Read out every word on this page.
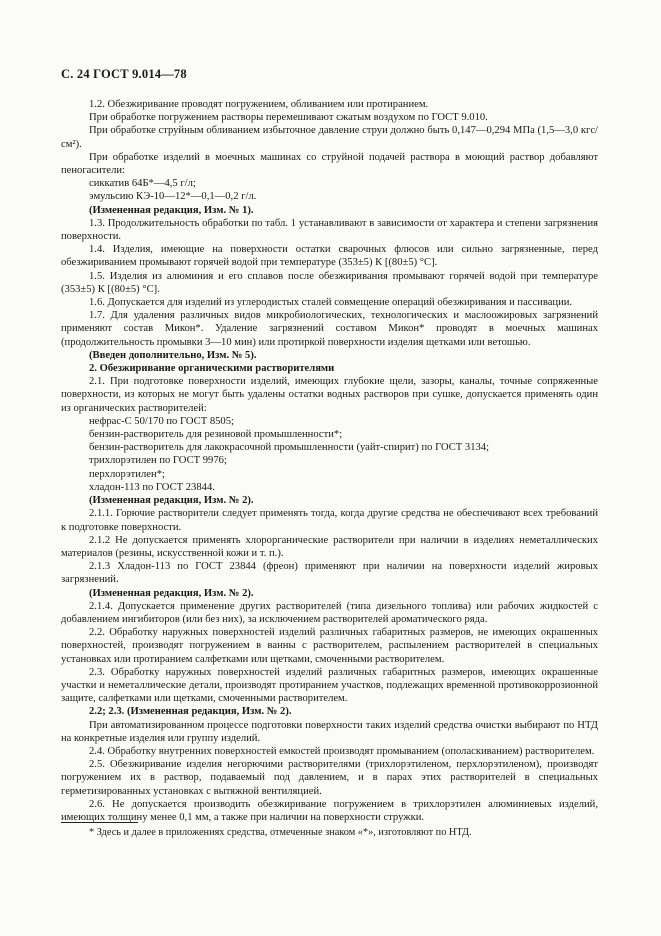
С. 24 ГОСТ 9.014—78

1.2. Обезжиривание проводят погружением, обливанием или протиранием.

При обработке погружением растворы перемешивают сжатым воздухом по ГОСТ 9.010.

При обработке струйным обливанием избыточное давление струи должно быть 0,147—0,294 МПа (1,5—3,0 кгс/см²).

При обработке изделий в моечных машинах со струйной подачей раствора в моющий раствор добавляют пеногасители:

сиккатив 64Б*—4,5 г/л;

эмульсию КЭ-10—12*—0,1—0,2 г/л.

(Измененная редакция, Изм. № 1).

1.3. Продолжительность обработки по табл. 1 устанавливают в зависимости от характера и степени загрязнения поверхности.

1.4. Изделия, имеющие на поверхности остатки сварочных флюсов или сильно загрязненные, перед обезжириванием промывают горячей водой при температуре (353±5) К [(80±5) °С].

1.5. Изделия из алюминия и его сплавов после обезжиривания промывают горячей водой при температуре (353±5) К [(80±5) °С].

1.6. Допускается для изделий из углеродистых сталей совмещение операций обезжиривания и пассивации.

1.7. Для удаления различных видов микробиологических, технологических и маслоожировых загрязнений применяют состав Микон*. Удаление загрязнений составом Микон* проводят в моечных машинах (продолжительность промывки 3—10 мин) или протиркой поверхности изделия щетками или ветошью.

(Введен дополнительно, Изм. № 5).

2. Обезжиривание органическими растворителями

2.1. При подготовке поверхности изделий, имеющих глубокие щели, зазоры, каналы, точные сопряженные поверхности, из которых не могут быть удалены остатки водных растворов при сушке, допускается применять один из органических растворителей:

нефрас-С 50/170 по ГОСТ 8505;

бензин-растворитель для резиновой промышленности*;

бензин-растворитель для лакокрасочной промышленности (уайт-спирит) по ГОСТ 3134;

трихлорэтилен по ГОСТ 9976;

перхлорэтилен*;

хладон-113 по ГОСТ 23844.

(Измененная редакция, Изм. № 2).

2.1.1. Горючие растворители следует применять тогда, когда другие средства не обеспечивают всех требований к подготовке поверхности.

2.1.2 Не допускается применять хлорорганические растворители при наличии в изделиях неметаллических материалов (резины, искусственной кожи и т. п.).

2.1.3 Хладон-113 по ГОСТ 23844 (фреон) применяют при наличии на поверхности изделий жировых загрязнений.

(Измененная редакция, Изм. № 2).

2.1.4. Допускается применение других растворителей (типа дизельного топлива) или рабочих жидкостей с добавлением ингибиторов (или без них), за исключением растворителей ароматического ряда.

2.2. Обработку наружных поверхностей изделий различных габаритных размеров, не имеющих окрашенных поверхностей, производят погружением в ванны с растворителем, распылением растворителей в специальных установках или протиранием салфетками или щетками, смоченными растворителем.

2.3. Обработку наружных поверхностей изделий различных габаритных размеров, имеющих окрашенные участки и неметаллические детали, производят протиранием участков, подлежащих временной противокоррозионной защите, салфетками или щетками, смоченными растворителем.

2.2; 2.3. (Измененная редакция, Изм. № 2).

При автоматизированном процессе подготовки поверхности таких изделий средства очистки выбирают по НТД на конкретные изделия или группу изделий.

2.4. Обработку внутренних поверхностей емкостей производят промыванием (ополаскиванием) растворителем.

2.5. Обезжиривание изделия негорючими растворителями (трихлорэтиленом, перхлорэтиленом), производят погружением их в раствор, подаваемый под давлением, и в парах этих растворителей в специальных герметизированных установках с вытяжной вентиляцией.

2.6. Не допускается производить обезжиривание погружением в трихлорэтилен алюминиевых изделий, имеющих толщину менее 0,1 мм, а также при наличии на поверхности стружки.

* Здесь и далее в приложениях средства, отмеченные знаком «*», изготовляют по НТД.
